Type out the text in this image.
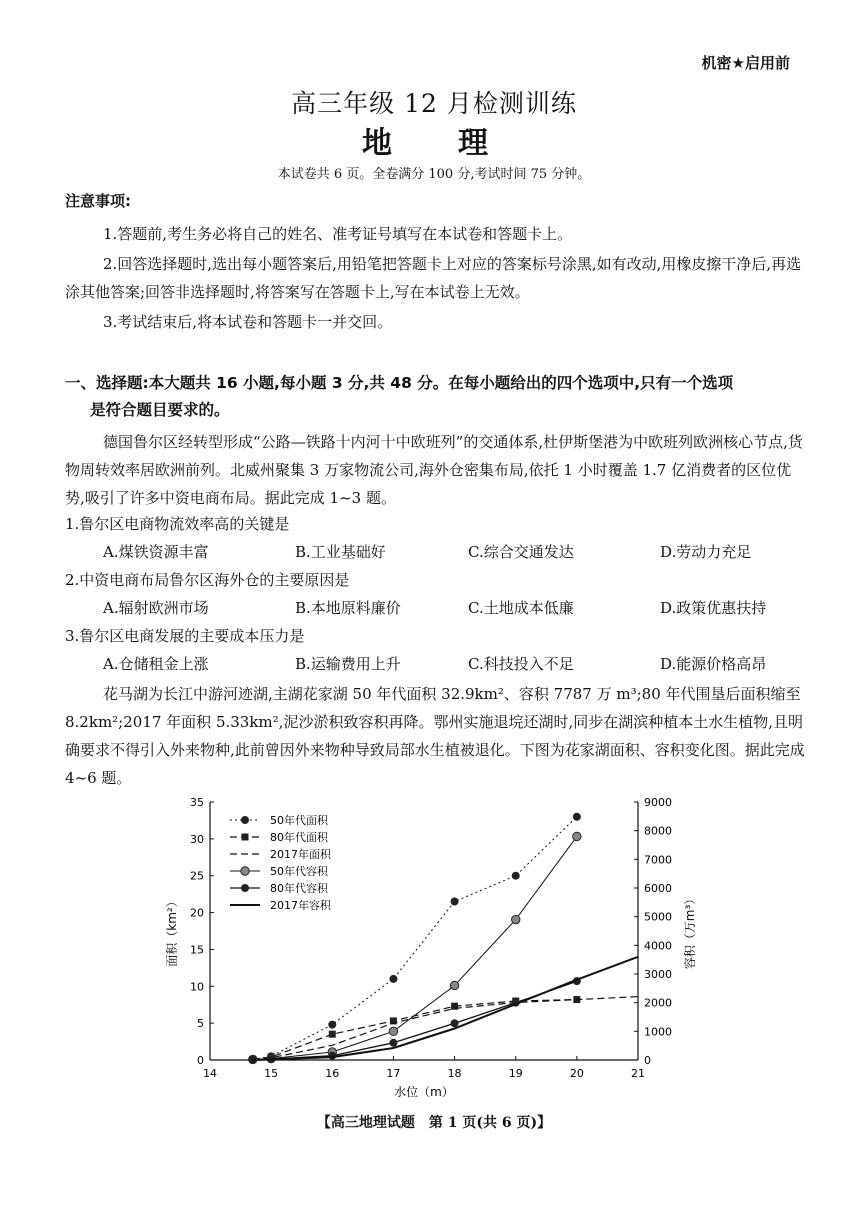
机密★启用前
高三年级 12 月检测训练
地　理
本试卷共 6 页。全卷满分 100 分,考试时间 75 分钟。
注意事项:
1.答题前,考生务必将自己的姓名、准考证号填写在本试卷和答题卡上。
2.回答选择题时,选出每小题答案后,用铅笔把答题卡上对应的答案标号涂黑,如有改动,用橡皮擦干净后,再选涂其他答案;回答非选择题时,将答案写在答题卡上,写在本试卷上无效。
3.考试结束后,将本试卷和答题卡一并交回。
一、选择题:本大题共 16 小题,每小题 3 分,共 48 分。在每小题给出的四个选项中,只有一个选项
是符合题目要求的。
德国鲁尔区经转型形成“公路—铁路十内河十中欧班列”的交通体系,杜伊斯堡港为中欧班列欧洲核心节点,货物周转效率居欧洲前列。北威州聚集 3 万家物流公司,海外仓密集布局,依托 1 小时覆盖 1.7 亿消费者的区位优势,吸引了许多中资电商布局。据此完成 1~3 题。
1.鲁尔区电商物流效率高的关键是
A.煤铁资源丰富	B.工业基础好	C.综合交通发达	D.劳动力充足
2.中资电商布局鲁尔区海外仓的主要原因是
A.辐射欧洲市场	B.本地原料廉价	C.土地成本低廉	D.政策优惠扶持
3.鲁尔区电商发展的主要成本压力是
A.仓储租金上涨	B.运输费用上升	C.科技投入不足	D.能源价格高昂
花马湖为长江中游河迹湖,主湖花家湖 50 年代面积 32.9km²、容积 7787 万 m³;80 年代围垦后面积缩至 8.2km²;2017 年面积 5.33km²,泥沙淤积致容积再降。鄂州实施退垸还湖时,同步在湖滨种植本土水生植物,且明确要求不得引入外来物种,此前曾因外来物种导致局部水生植被退化。下图为花家湖面积、容积变化图。据此完成 4~6 题。
14	15	16	17	18	19	20	21
0
5
10
15
20
25
30
35
0
1000
2000
3000
4000
5000
6000
7000
8000
9000
水位（m）
面积（km²）	容积（万m³）
50年代面积
80年代面积
2017年面积
50年代容积
80年代容积
2017年容积
【高三地理试题　第 1 页(共 6 页)】
